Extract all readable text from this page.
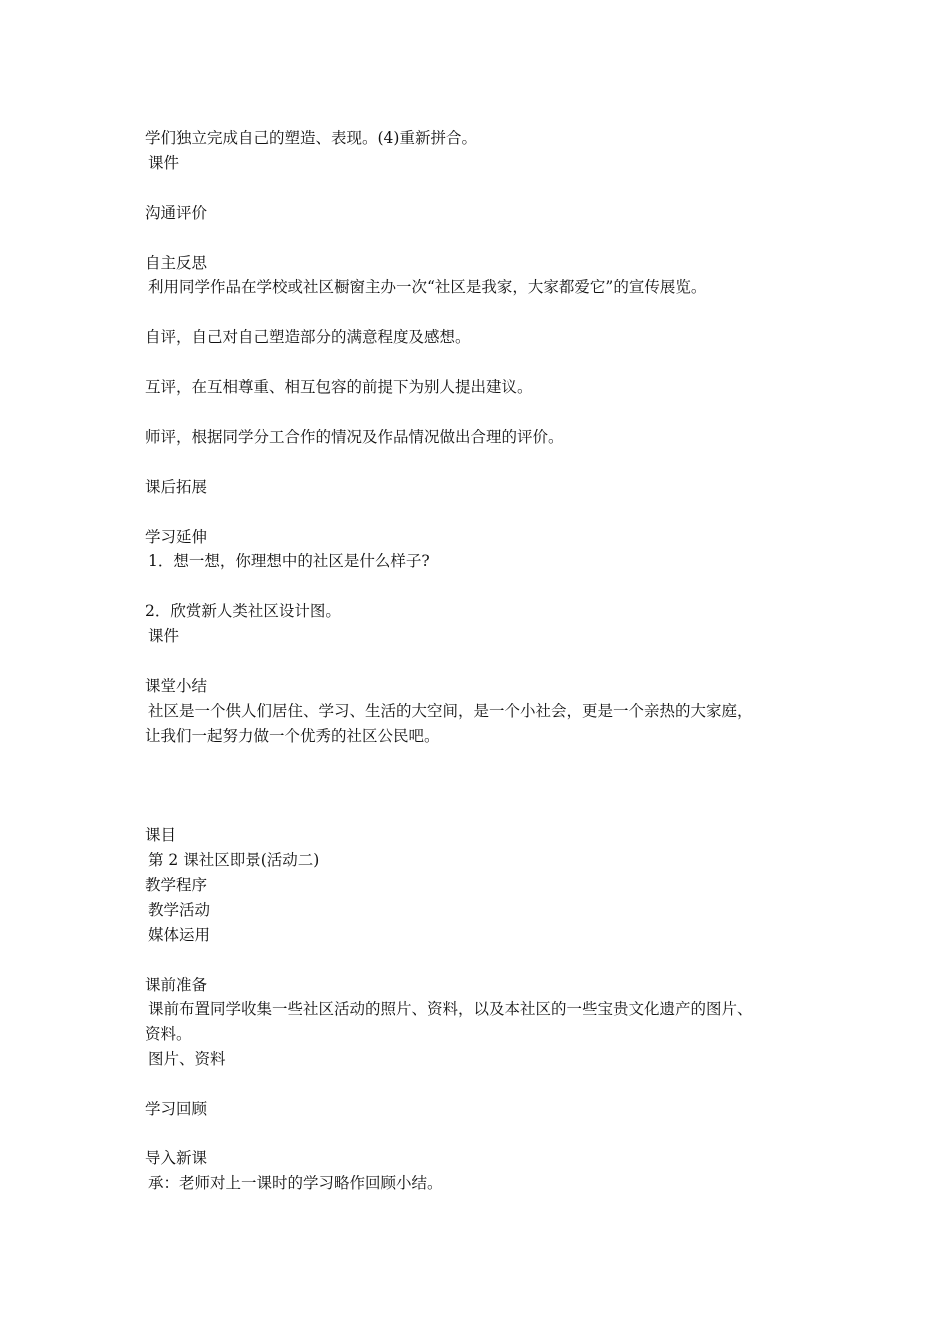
学们独立完成自己的塑造、表现。(4)重新拼合。
课件
沟通评价
自主反思
利用同学作品在学校或社区橱窗主办一次“社区是我家，大家都爱它”的宣传展览。
自评，自己对自己塑造部分的满意程度及感想。
互评，在互相尊重、相互包容的前提下为别人提出建议。
师评，根据同学分工合作的情况及作品情况做出合理的评价。
课后拓展
学习延伸
1．想一想，你理想中的社区是什么样子?
2．欣赏新人类社区设计图。
课件
课堂小结
社区是一个供人们居住、学习、生活的大空间，是一个小社会，更是一个亲热的大家庭，
让我们一起努力做一个优秀的社区公民吧。
课目
第 2 课社区即景(活动二)
教学程序
教学活动
媒体运用
课前准备
课前布置同学收集一些社区活动的照片、资料，以及本社区的一些宝贵文化遗产的图片、
资料。
图片、资料
学习回顾
导入新课
承：老师对上一课时的学习略作回顾小结。
